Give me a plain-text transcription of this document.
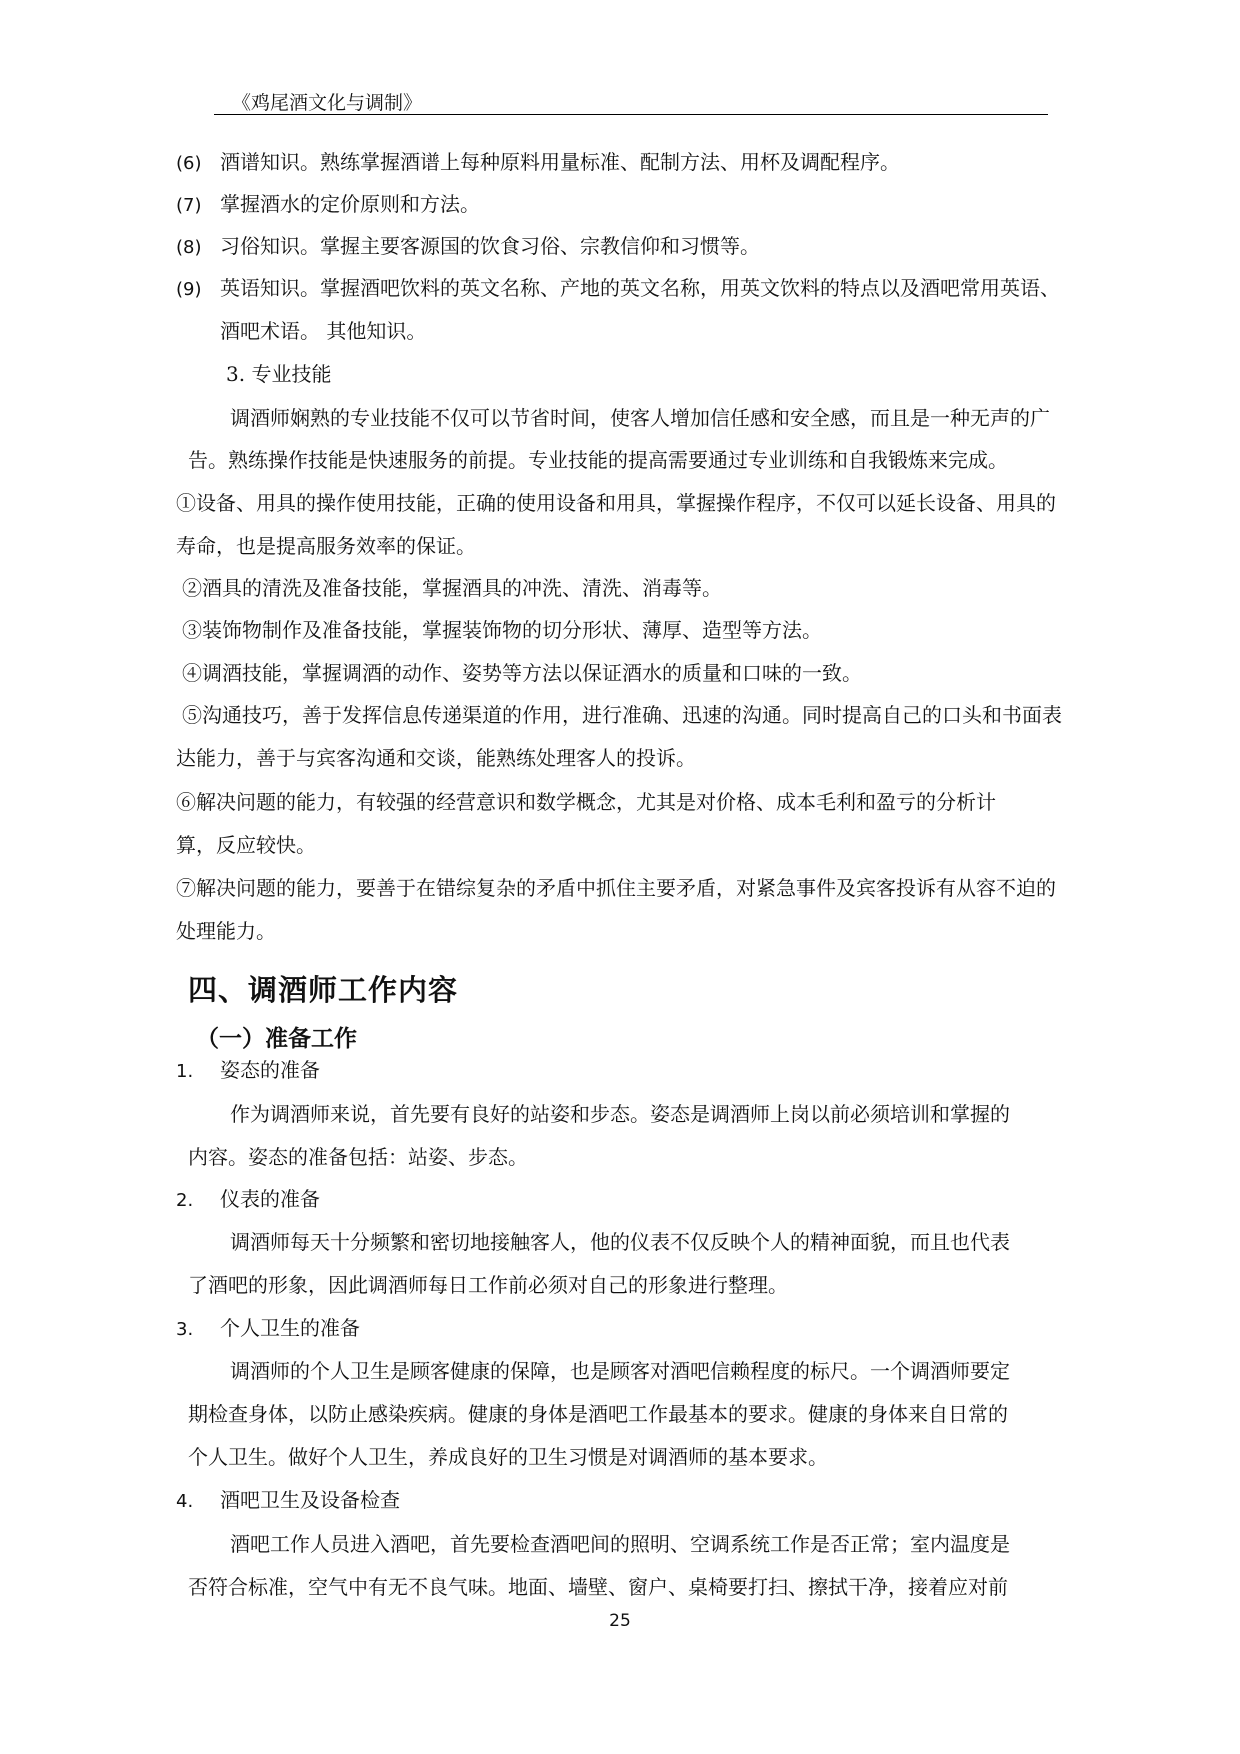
《鸡尾酒文化与调制》
(6) 酒谱知识。熟练掌握酒谱上每种原料用量标准、配制方法、用杯及调配程序。
(7) 掌握酒水的定价原则和方法。
(8) 习俗知识。掌握主要客源国的饮食习俗、宗教信仰和习惯等。
(9) 英语知识。掌握酒吧饮料的英文名称、产地的英文名称，用英文饮料的特点以及酒吧常用英语、
酒吧术语。 其他知识。
3. 专业技能
调酒师娴熟的专业技能不仅可以节省时间，使客人增加信任感和安全感，而且是一种无声的广
告。熟练操作技能是快速服务的前提。专业技能的提高需要通过专业训练和自我锻炼来完成。
①设备、用具的操作使用技能，正确的使用设备和用具，掌握操作程序，不仅可以延长设备、用具的
寿命，也是提高服务效率的保证。
②酒具的清洗及准备技能，掌握酒具的冲洗、清洗、消毒等。
③装饰物制作及准备技能，掌握装饰物的切分形状、薄厚、造型等方法。
④调酒技能，掌握调酒的动作、姿势等方法以保证酒水的质量和口味的一致。
⑤沟通技巧，善于发挥信息传递渠道的作用，进行准确、迅速的沟通。同时提高自己的口头和书面表
达能力，善于与宾客沟通和交谈，能熟练处理客人的投诉。
⑥解决问题的能力，有较强的经营意识和数学概念，尤其是对价格、成本毛利和盈亏的分析计
算，反应较快。
⑦解决问题的能力，要善于在错综复杂的矛盾中抓住主要矛盾，对紧急事件及宾客投诉有从容不迫的
处理能力。
四、调酒师工作内容
（一）准备工作
1. 姿态的准备
作为调酒师来说，首先要有良好的站姿和步态。姿态是调酒师上岗以前必须培训和掌握的
内容。姿态的准备包括：站姿、步态。
2. 仪表的准备
调酒师每天十分频繁和密切地接触客人，他的仪表不仅反映个人的精神面貌，而且也代表
了酒吧的形象，因此调酒师每日工作前必须对自己的形象进行整理。
3. 个人卫生的准备
调酒师的个人卫生是顾客健康的保障，也是顾客对酒吧信赖程度的标尺。一个调酒师要定
期检查身体，以防止感染疾病。健康的身体是酒吧工作最基本的要求。健康的身体来自日常的
个人卫生。做好个人卫生，养成良好的卫生习惯是对调酒师的基本要求。
4. 酒吧卫生及设备检查
酒吧工作人员进入酒吧，首先要检查酒吧间的照明、空调系统工作是否正常；室内温度是
否符合标准，空气中有无不良气味。地面、墙壁、窗户、桌椅要打扫、擦拭干净，接着应对前
25
